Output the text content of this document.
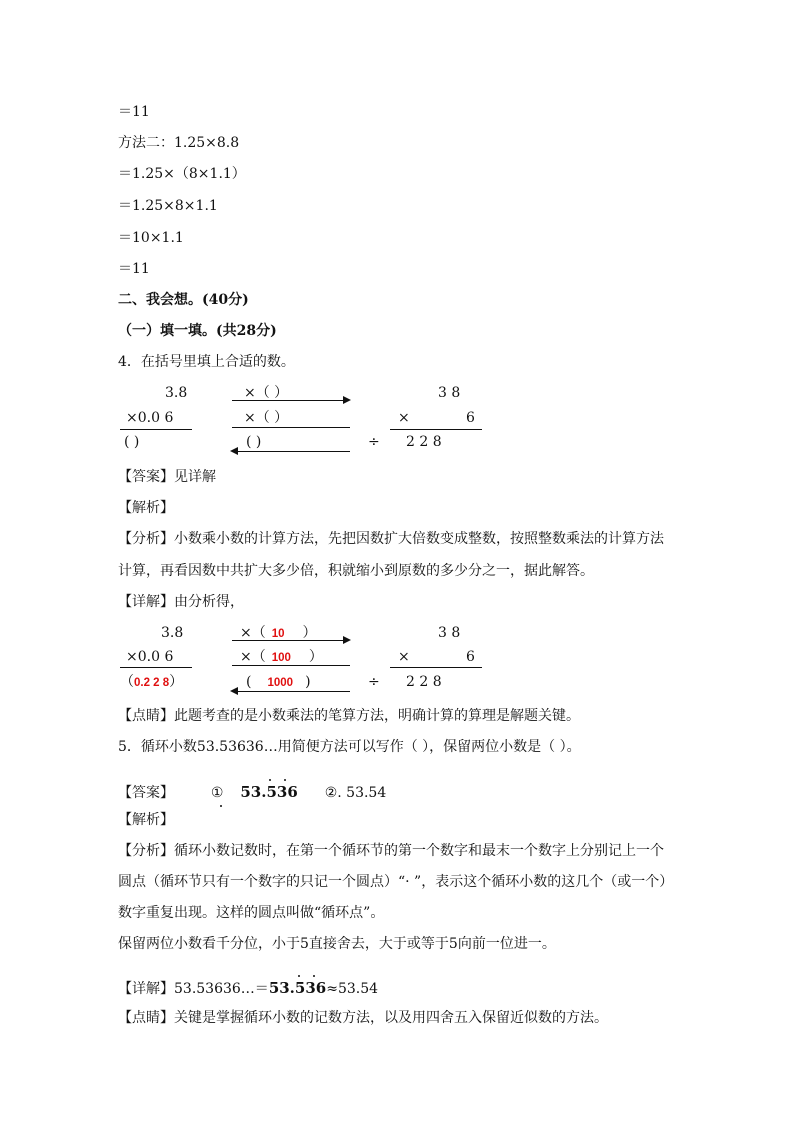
＝11
方法二：1.25×8.8
＝1.25×（8×1.1）
＝1.25×8×1.1
＝10×1.1
＝11
二、我会想。(40分)
（一）填一填。(共28分)
4．在括号里填上合适的数。
3.8
×0.0 6
( )
×（ ）
×（ ）
( )	÷
3 8
×	6
2 2 8
【答案】见详解
【解析】
【分析】小数乘小数的计算方法，先把因数扩大倍数变成整数，按照整数乘法的计算方法
计算，再看因数中共扩大多少倍，积就缩小到原数的多少分之一，据此解答。
【详解】由分析得，
3.8
×0.0 6
（0.2 2 8）
×（ 10 ）
×（ 100 ）
( 1000 )	÷
3 8
×	6
2 2 8
【点睛】此题考查的是小数乘法的笔算方法，明确计算的算理是解题关键。
5．循环小数53.53636…用简便方法可以写作（ ），保留两位小数是（ ）。
【答案】	① 53.536 ②. 53.54
【解析】
【分析】循环小数记数时，在第一个循环节的第一个数字和最末一个数字上分别记上一个
圆点（循环节只有一个数字的只记一个圆点）“· ”，表示这个循环小数的这几个（或一个）
数字重复出现。这样的圆点叫做“循环点”。
保留两位小数看千分位，小于5直接舍去，大于或等于5向前一位进一。
【详解】53.53636…＝53.536
≈53.54
【点睛】关键是掌握循环小数的记数方法，以及用四舍五入保留近似数的方法。
